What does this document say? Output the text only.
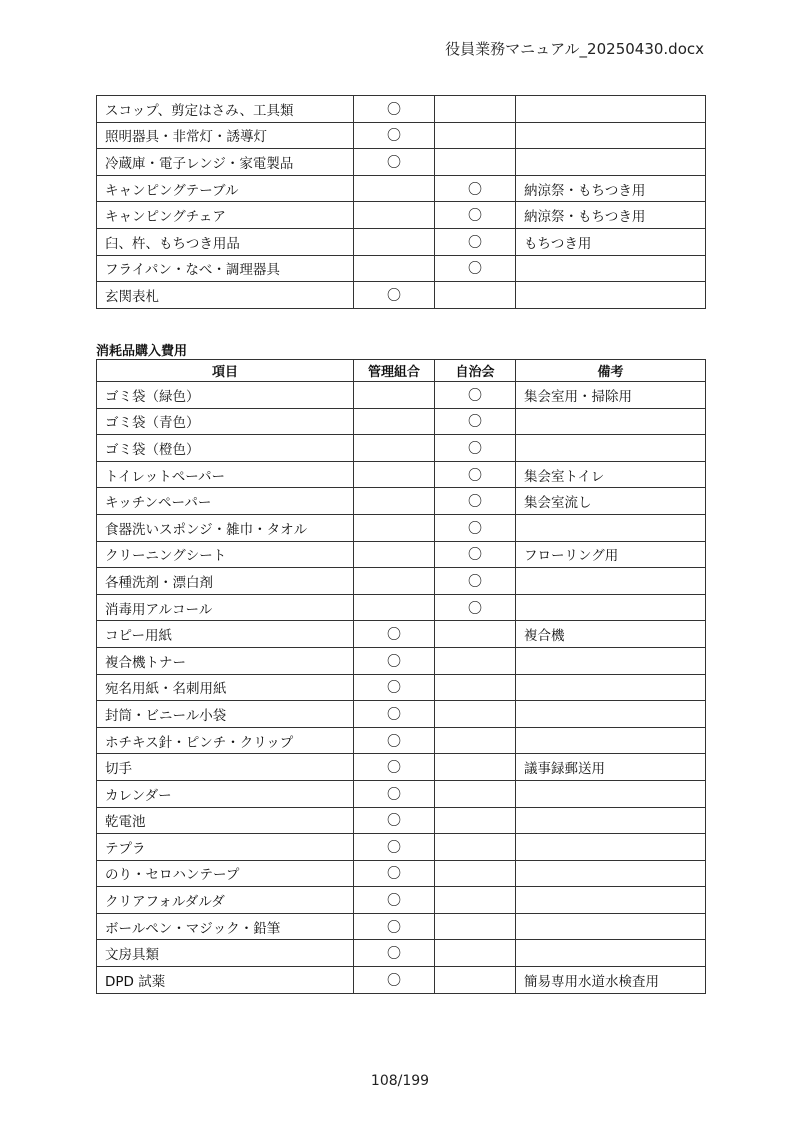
役員業務マニュアル_20250430.docx
スコップ、剪定はさみ、工具類	〇		
照明器具・非常灯・誘導灯	〇		
冷蔵庫・電子レンジ・家電製品	〇		
キャンピングテーブル		〇	納涼祭・もちつき用
キャンピングチェア		〇	納涼祭・もちつき用
臼、杵、もちつき用品		〇	もちつき用
フライパン・なべ・調理器具		〇	
玄関表札	〇		
消耗品購入費用
項目	管理組合	自治会	備考
ゴミ袋（緑色）		〇	集会室用・掃除用
ゴミ袋（青色）		〇	
ゴミ袋（橙色）		〇	
トイレットペーパー		〇	集会室トイレ
キッチンペーパー		〇	集会室流し
食器洗いスポンジ・雑巾・タオル		〇	
クリーニングシート		〇	フローリング用
各種洗剤・漂白剤		〇	
消毒用アルコール		〇	
コピー用紙	〇		複合機
複合機トナー	〇		
宛名用紙・名刺用紙	〇		
封筒・ビニール小袋	〇		
ホチキス針・ピンチ・クリップ	〇		
切手	〇		議事録郵送用
カレンダー	〇		
乾電池	〇		
テプラ	〇		
のり・セロハンテープ	〇		
クリアフォルダルダ	〇		
ボールペン・マジック・鉛筆	〇		
文房具類	〇		
DPD 試薬	〇		簡易専用水道水検査用
108/199
